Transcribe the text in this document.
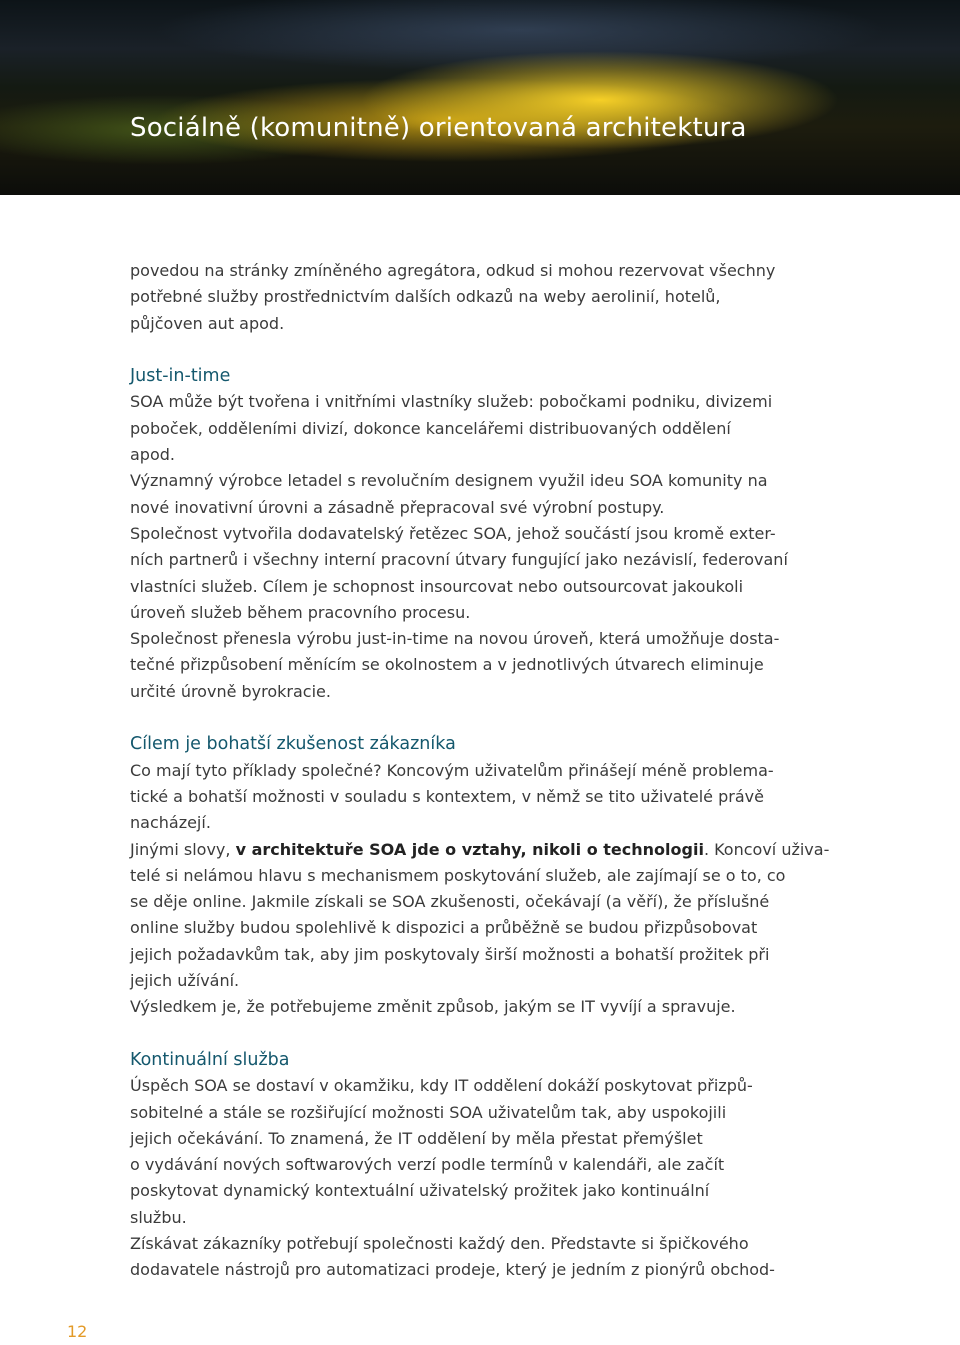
Sociálně (komunitně) orientovaná architektura

povedou na stránky zmíněného agregátora, odkud si mohou rezervovat všechny

potřebné služby prostřednictvím dalších odkazů na weby aerolinií, hotelů,

půjčoven aut apod.

Just-in-time

SOA může být tvořena i vnitřními vlastníky služeb: pobočkami podniku, divizemi

poboček, odděleními divizí, dokonce kancelářemi distribuovaných oddělení

apod.

Významný výrobce letadel s revolučním designem využil ideu SOA komunity na

nové inovativní úrovni a zásadně přepracoval své výrobní postupy.

Společnost vytvořila dodavatelský řetězec SOA, jehož součástí jsou kromě exter-

ních partnerů i všechny interní pracovní útvary fungující jako nezávislí, federovaní

vlastníci služeb. Cílem je schopnost insourcovat nebo outsourcovat jakoukoli

úroveň služeb během pracovního procesu.

Společnost přenesla výrobu just-in-time na novou úroveň, která umožňuje dosta-

tečné přizpůsobení měnícím se okolnostem a v jednotlivých útvarech eliminuje

určité úrovně byrokracie.

Cílem je bohatší zkušenost zákazníka

Co mají tyto příklady společné? Koncovým uživatelům přinášejí méně problema-

tické a bohatší možnosti v souladu s kontextem, v němž se tito uživatelé právě

nacházejí.

Jinými slovy, v architektuře SOA jde o vztahy, nikoli o technologii. Koncoví uživa-

telé si nelámou hlavu s mechanismem poskytování služeb, ale zajímají se o to, co

se děje online. Jakmile získali se SOA zkušenosti, očekávají (a věří), že příslušné

online služby budou spolehlivě k dispozici a průběžně se budou přizpůsobovat

jejich požadavkům tak, aby jim poskytovaly širší možnosti a bohatší prožitek při

jejich užívání.

Výsledkem je, že potřebujeme změnit způsob, jakým se IT vyvíjí a spravuje.

Kontinuální služba

Úspěch SOA se dostaví v okamžiku, kdy IT oddělení dokáží poskytovat přizpů-

sobitelné a stále se rozšiřující možnosti SOA uživatelům tak, aby uspokojili

jejich očekávání. To znamená, že IT oddělení by měla přestat přemýšlet

o vydávání nových softwarových verzí podle termínů v kalendáři, ale začít

poskytovat dynamický kontextuální uživatelský prožitek jako kontinuální

službu.

Získávat zákazníky potřebují společnosti každý den. Představte si špičkového

dodavatele nástrojů pro automatizaci prodeje, který je jedním z pionýrů obchod-

12
